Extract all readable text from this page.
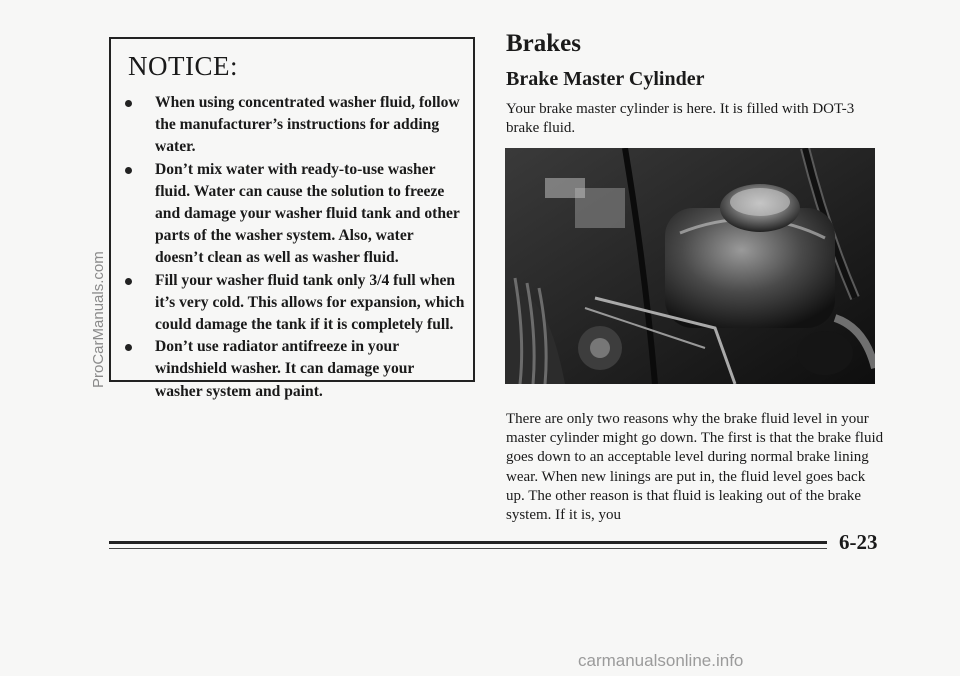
NOTICE:
When using concentrated washer fluid, follow the manufacturer’s instructions for adding water.
Don’t mix water with ready-to-use washer fluid. Water can cause the solution to freeze and damage your washer fluid tank and other parts of the washer system. Also, water doesn’t clean as well as washer fluid.
Fill your washer fluid tank only 3/4 full when it’s very cold. This allows for expansion, which could damage the tank if it is completely full.
Don’t use radiator antifreeze in your windshield washer. It can damage your washer system and paint.
Brakes
Brake Master Cylinder

Your brake master cylinder is here. It is filled with DOT-3 brake fluid.

There are only two reasons why the brake fluid level in your master cylinder might go down. The first is that the brake fluid goes down to an acceptable level during normal brake lining wear. When new linings are put in, the fluid level goes back up. The other reason is that fluid is leaking out of the brake system. If it is, you

6-23

ProCarManuals.com
carmanualsonline.info
